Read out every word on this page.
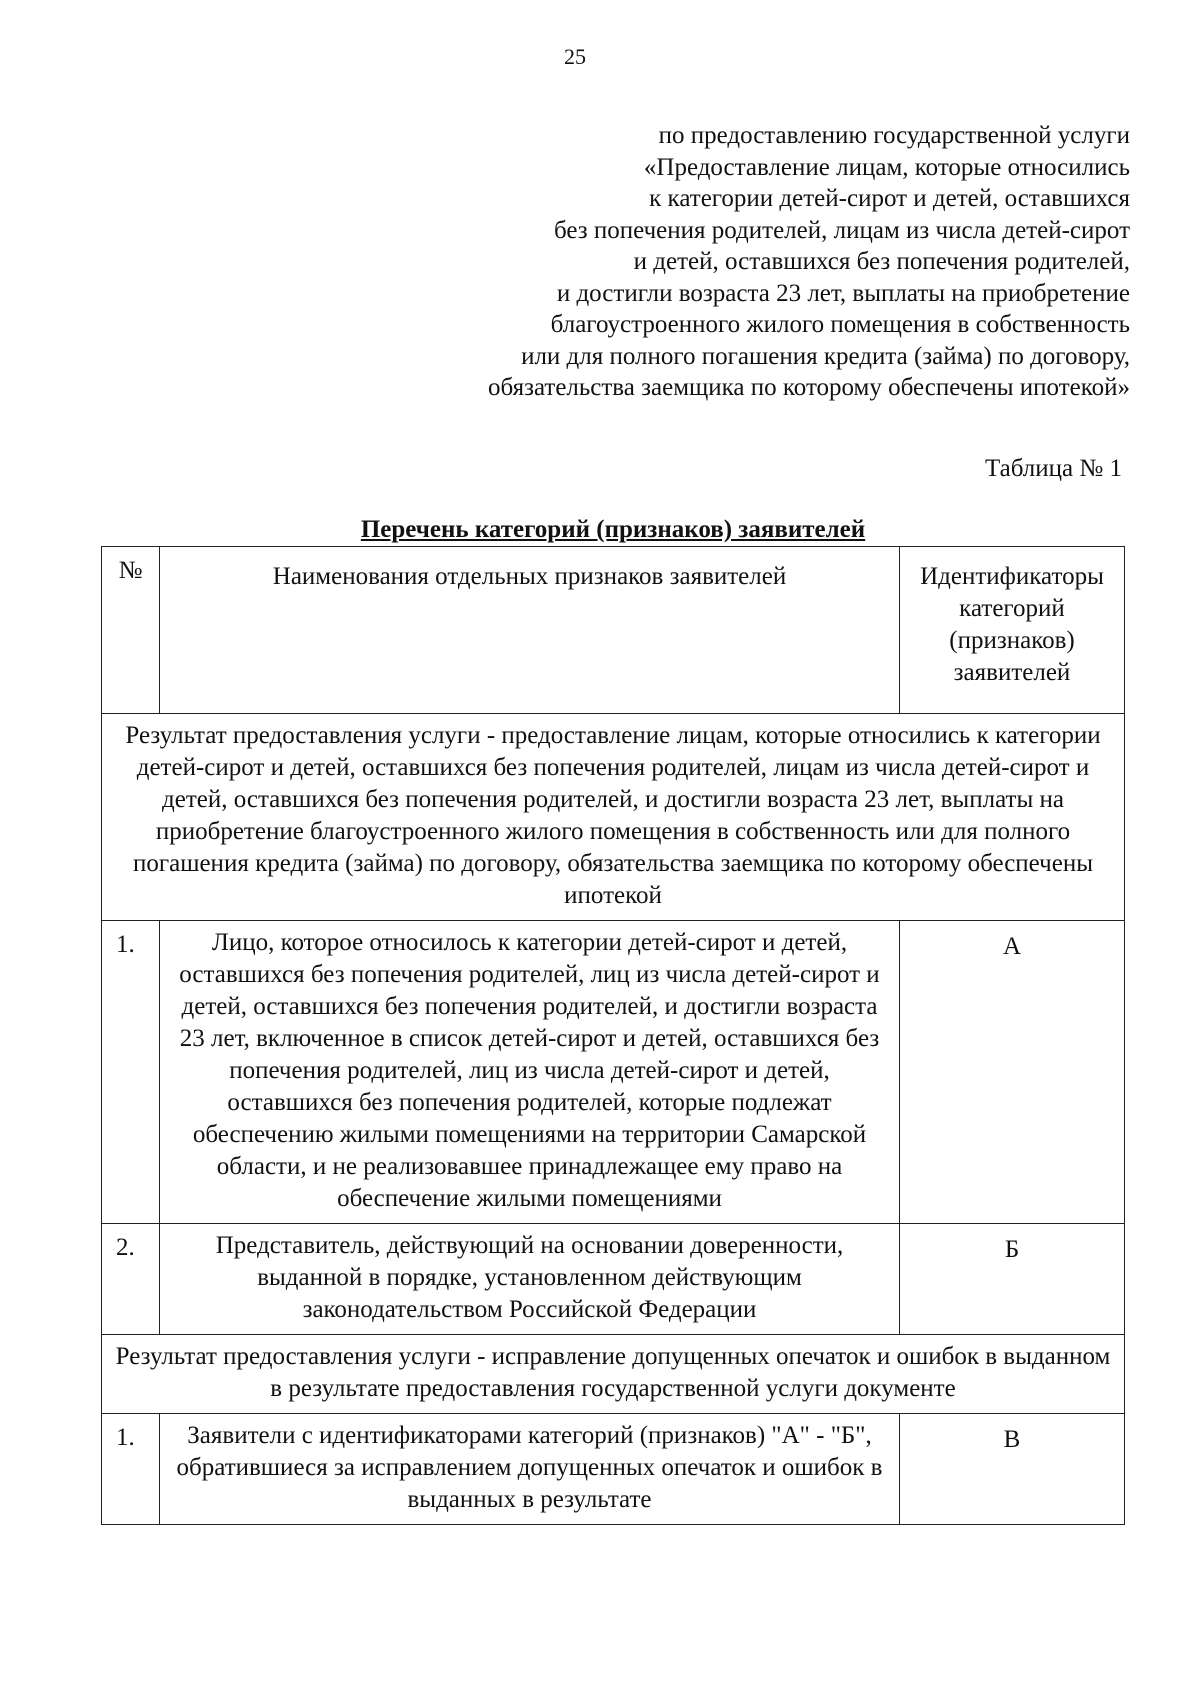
25
по предоставлению государственной услуги
«Предоставление лицам, которые относились
к категории детей-сирот и детей, оставшихся
без попечения родителей, лицам из числа детей-сирот
и детей, оставшихся без попечения родителей,
и достигли возраста 23 лет, выплаты на приобретение
благоустроенного жилого помещения в собственность
или для полного погашения кредита (займа) по договору,
обязательства заемщика по которому обеспечены ипотекой»
Таблица № 1
Перечень категорий (признаков) заявителей
№	Наименования отдельных признаков заявителей	Идентификаторы категорий (признаков) заявителей
Результат предоставления услуги - предоставление лицам, которые относились к категории детей-сирот и детей, оставшихся без попечения родителей, лицам из числа детей-сирот и детей, оставшихся без попечения родителей, и достигли возраста 23 лет, выплаты на приобретение благоустроенного жилого помещения в собственность или для полного погашения кредита (займа) по договору, обязательства заемщика по которому обеспечены ипотекой		
1.	Лицо, которое относилось к категории детей-сирот и детей, оставшихся без попечения родителей, лиц из числа детей-сирот и детей, оставшихся без попечения родителей, и достигли возраста 23 лет, включенное в список детей-сирот и детей, оставшихся без попечения родителей, лиц из числа детей-сирот и детей, оставшихся без попечения родителей, которые подлежат обеспечению жилыми помещениями на территории Самарской области, и не реализовавшее принадлежащее ему право на обеспечение жилыми помещениями	А
2.	Представитель, действующий на основании доверенности, выданной в порядке, установленном действующим законодательством Российской Федерации	Б
Результат предоставления услуги - исправление допущенных опечаток и ошибок в выданном в результате предоставления государственной услуги документе		
1.	Заявители с идентификаторами категорий (признаков) "А" - "Б", обратившиеся за исправлением допущенных опечаток и ошибок в выданных в результате	В
